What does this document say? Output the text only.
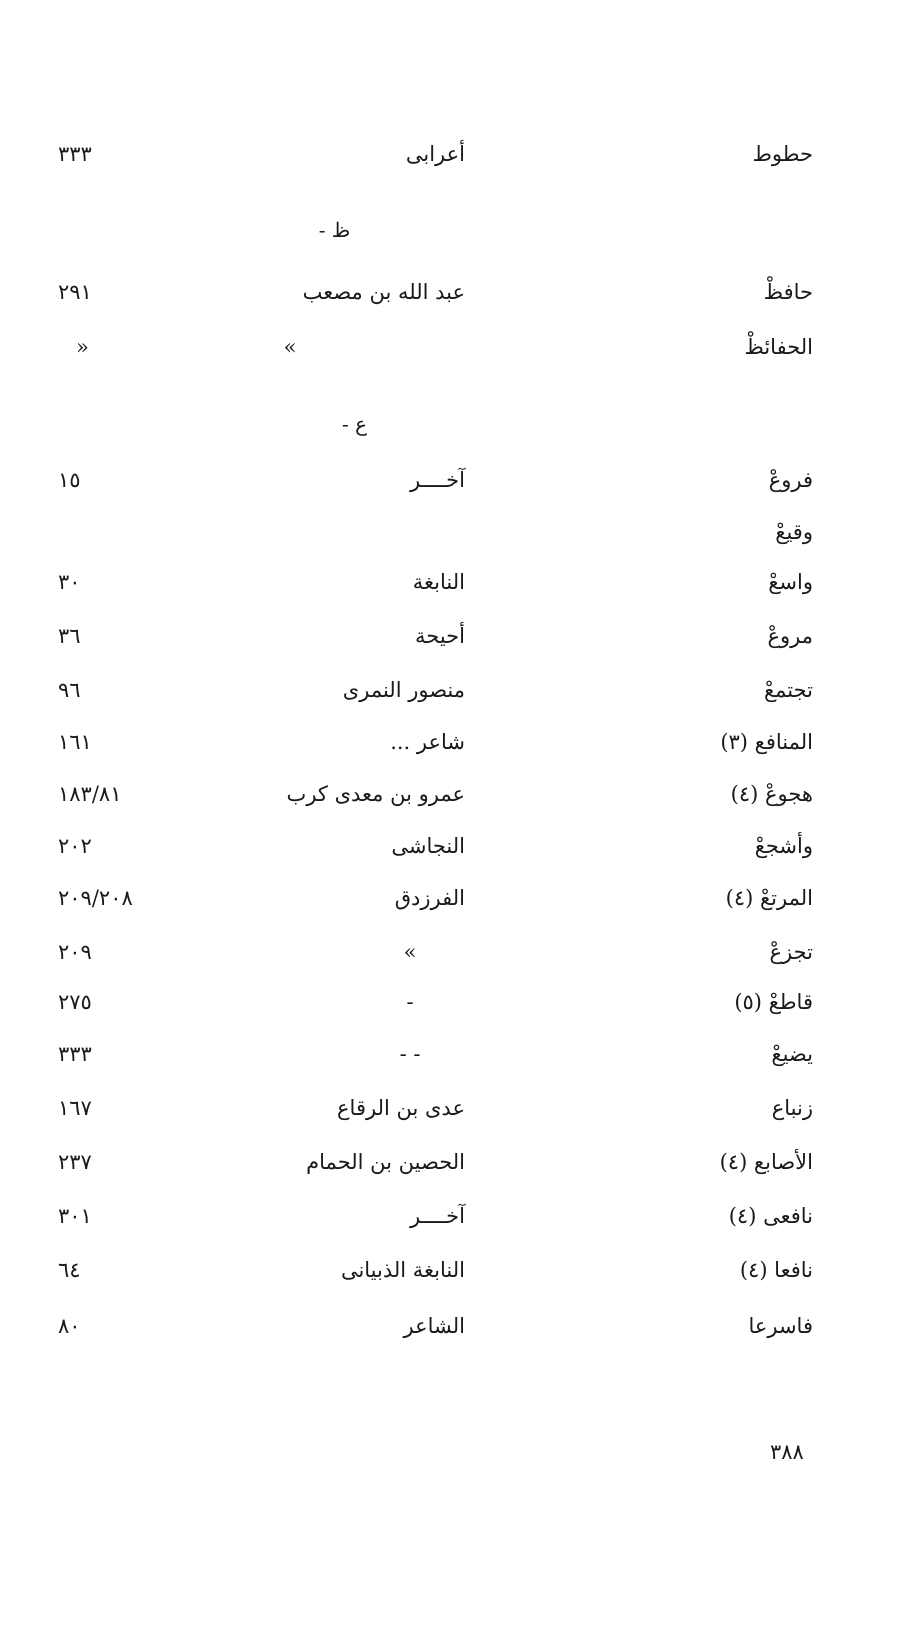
حطوط
أعرابى
٣٣٣
ظ -
حافظْ
عبد الله بن مصعب
٢٩١
الحفائظْ
»
»
ع -
فروعْ
آخــــر
١٥
وقيعْ
واسعْ
النابغة
٣٠
مروعْ
أحيحة
٣٦
تجتمعْ
منصور النمرى
٩٦
المنافع (٣)
شاعر ...
١٦١
هجوعْ (٤)
عمرو بن معدى كرب
١٨٣/٨١
وأشجعْ
النجاشى
٢٠٢
المرتعْ (٤)
الفرزدق
٢٠٩/٢٠٨
تجزعْ
»
٢٠٩
قاطعْ (٥)
-
٢٧٥
يضيعْ
- -
٣٣٣
زنباع
عدى بن الرقاع
١٦٧
الأصابع (٤)
الحصين بن الحمام
٢٣٧
نافعى (٤)
آخــــر
٣٠١
نافعا (٤)
النابغة الذبيانى
٦٤
فاسرعا
الشاعر
٨٠
٣٨٨
